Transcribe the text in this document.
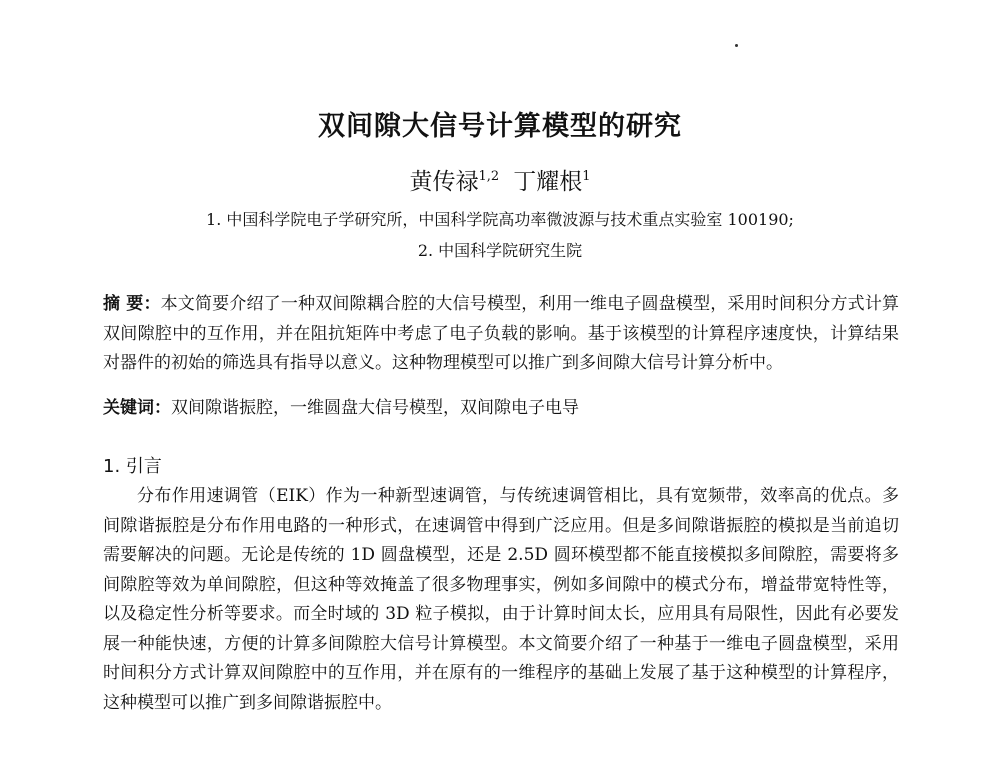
双间隙大信号计算模型的研究
黄传禄$^{1,2}$ 丁耀根$^1$
1. 中国科学院电子学研究所，中国科学院高功率微波源与技术重点实验室 100190;
2. 中国科学院研究生院
摘 要：本文简要介绍了一种双间隙耦合腔的大信号模型，利用一维电子圆盘模型，采用时间积分方式计算双间隙腔中的互作用，并在阻抗矩阵中考虑了电子负载的影响。基于该模型的计算程序速度快，计算结果对器件的初始的筛选具有指导以意义。这种物理模型可以推广到多间隙大信号计算分析中。
关键词：双间隙谐振腔，一维圆盘大信号模型，双间隙电子电导
1. 引言
分布作用速调管（EIK）作为一种新型速调管，与传统速调管相比，具有宽频带，效率高的优点。多间隙谐振腔是分布作用电路的一种形式，在速调管中得到广泛应用。但是多间隙谐振腔的模拟是当前追切需要解决的问题。无论是传统的 1D 圆盘模型，还是 2.5D 圆环模型都不能直接模拟多间隙腔，需要将多间隙腔等效为单间隙腔，但这种等效掩盖了很多物理事实，例如多间隙中的模式分布，增益带宽特性等，以及稳定性分析等要求。而全时域的 3D 粒子模拟，由于计算时间太长，应用具有局限性，因此有必要发展一种能快速，方便的计算多间隙腔大信号计算模型。本文简要介绍了一种基于一维电子圆盘模型，采用时间积分方式计算双间隙腔中的互作用，并在原有的一维程序的基础上发展了基于这种模型的计算程序，这种模型可以推广到多间隙谐振腔中。
